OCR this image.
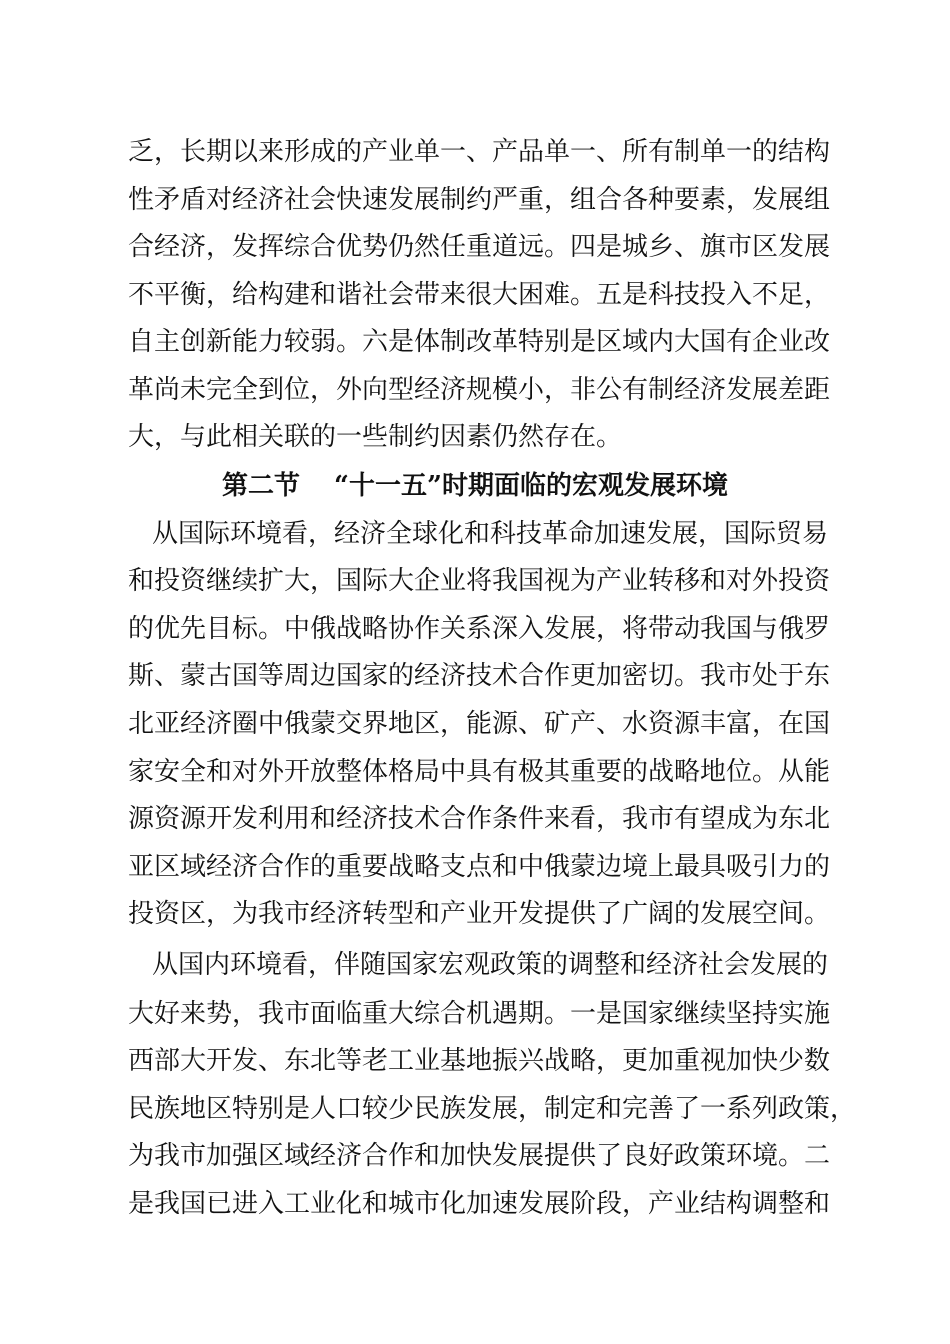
乏，长期以来形成的产业单一、产品单一、所有制单一的结构
性矛盾对经济社会快速发展制约严重，组合各种要素，发展组
合经济，发挥综合优势仍然任重道远。四是城乡、旗市区发展
不平衡，给构建和谐社会带来很大困难。五是科技投入不足，
自主创新能力较弱。六是体制改革特别是区域内大国有企业改
革尚未完全到位，外向型经济规模小，非公有制经济发展差距
大，与此相关联的一些制约因素仍然存在。
第二节 “十一五”时期面临的宏观发展环境
从国际环境看，经济全球化和科技革命加速发展，国际贸易
和投资继续扩大，国际大企业将我国视为产业转移和对外投资
的优先目标。中俄战略协作关系深入发展，将带动我国与俄罗
斯、蒙古国等周边国家的经济技术合作更加密切。我市处于东
北亚经济圈中俄蒙交界地区，能源、矿产、水资源丰富，在国
家安全和对外开放整体格局中具有极其重要的战略地位。从能
源资源开发利用和经济技术合作条件来看，我市有望成为东北
亚区域经济合作的重要战略支点和中俄蒙边境上最具吸引力的
投资区，为我市经济转型和产业开发提供了广阔的发展空间。
从国内环境看，伴随国家宏观政策的调整和经济社会发展的
大好来势，我市面临重大综合机遇期。一是国家继续坚持实施
西部大开发、东北等老工业基地振兴战略，更加重视加快少数
民族地区特别是人口较少民族发展，制定和完善了一系列政策，
为我市加强区域经济合作和加快发展提供了良好政策环境。二
是我国已进入工业化和城市化加速发展阶段，产业结构调整和
